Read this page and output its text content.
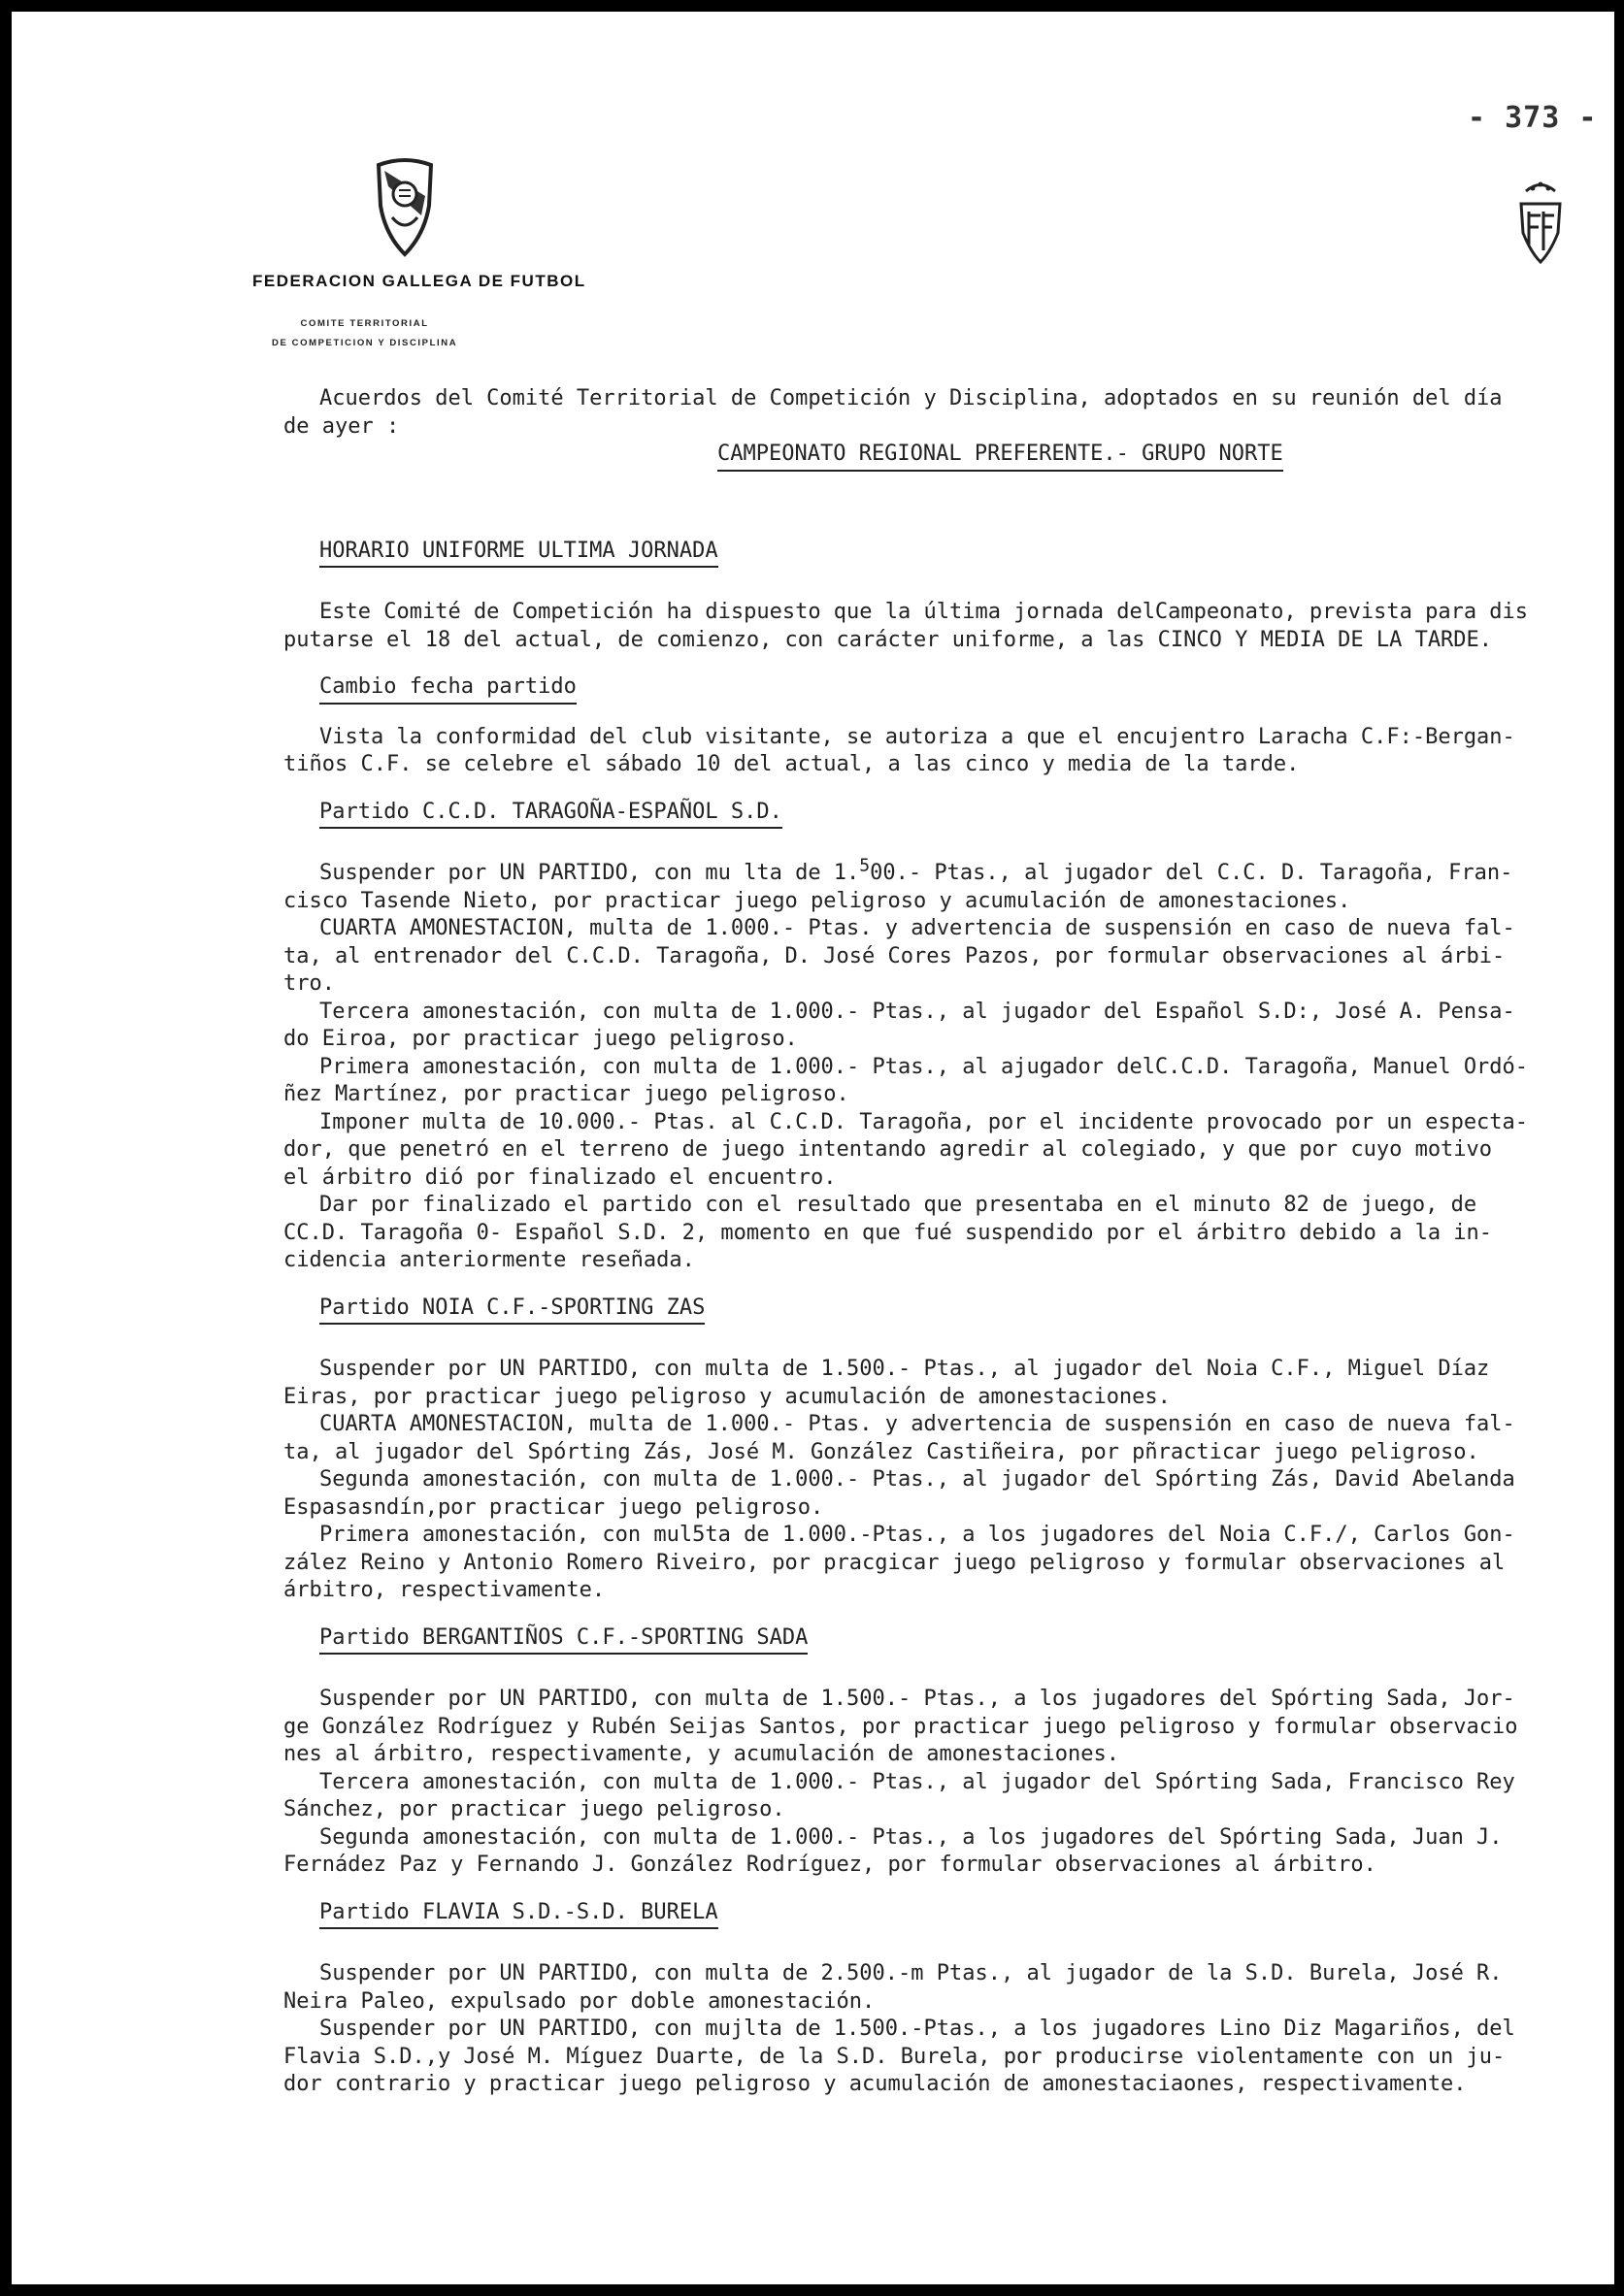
- 373 -
FEDERACION GALLEGA DE FUTBOL
COMITE TERRITORIAL
DE COMPETICION Y DISCIPLINA

Acuerdos del Comité Territorial de Competición y Disciplina, adoptados en su reunión del día

de ayer :

CAMPEONATO REGIONAL PREFERENTE.- GRUPO NORTE
HORARIO UNIFORME ULTIMA JORNADA

Este Comité de Competición ha dispuesto que la última jornada delCampeonato, prevista para dis

putarse el 18 del actual, de comienzo, con carácter uniforme, a las CINCO Y MEDIA DE LA TARDE.

Cambio fecha partido

Vista la conformidad del club visitante, se autoriza a que el encujentro Laracha C.F:-Bergan-

tiños C.F. se celebre el sábado 10 del actual, a las cinco y media de la tarde.

Partido C.C.D. TARAGOÑA-ESPAÑOL S.D.

Suspender por UN PARTIDO, con mu lta de 1.$^5$00.- Ptas., al jugador del C.C. D. Taragoña, Fran-

cisco Tasende Nieto, por practicar juego peligroso y acumulación de amonestaciones.

CUARTA AMONESTACION, multa de 1.000.- Ptas. y advertencia de suspensión en caso de nueva fal-

ta, al entrenador del C.C.D. Taragoña, D. José Cores Pazos, por formular observaciones al árbi-

tro.

Tercera amonestación, con multa de 1.000.- Ptas., al jugador del Español S.D:, José A. Pensa-

do Eiroa, por practicar juego peligroso.

Primera amonestación, con multa de 1.000.- Ptas., al ajugador delC.C.D. Taragoña, Manuel Ordó-

ñez Martínez, por practicar juego peligroso.

Imponer multa de 10.000.- Ptas. al C.C.D. Taragoña, por el incidente provocado por un especta-

dor, que penetró en el terreno de juego intentando agredir al colegiado, y que por cuyo motivo

el árbitro dió por finalizado el encuentro.

Dar por finalizado el partido con el resultado que presentaba en el minuto 82 de juego, de

CC.D. Taragoña 0- Español S.D. 2, momento en que fué suspendido por el árbitro debido a la in-

cidencia anteriormente reseñada.

Partido NOIA C.F.-SPORTING ZAS

Suspender por UN PARTIDO, con multa de 1.500.- Ptas., al jugador del Noia C.F., Miguel Díaz

Eiras, por practicar juego peligroso y acumulación de amonestaciones.

CUARTA AMONESTACION, multa de 1.000.- Ptas. y advertencia de suspensión en caso de nueva fal-

ta, al jugador del Spórting Zás, José M. González Castiñeira, por pñracticar juego peligroso.

Segunda amonestación, con multa de 1.000.- Ptas., al jugador del Spórting Zás, David Abelanda

Espasasndín,por practicar juego peligroso.

Primera amonestación, con mul5ta de 1.000.-Ptas., a los jugadores del Noia C.F./, Carlos Gon-

zález Reino y Antonio Romero Riveiro, por pracgicar juego peligroso y formular observaciones al

árbitro, respectivamente.

Partido BERGANTIÑOS C.F.-SPORTING SADA

Suspender por UN PARTIDO, con multa de 1.500.- Ptas., a los jugadores del Spórting Sada, Jor-

ge González Rodríguez y Rubén Seijas Santos, por practicar juego peligroso y formular observacio

nes al árbitro, respectivamente, y acumulación de amonestaciones.

Tercera amonestación, con multa de 1.000.- Ptas., al jugador del Spórting Sada, Francisco Rey

Sánchez, por practicar juego peligroso.

Segunda amonestación, con multa de 1.000.- Ptas., a los jugadores del Spórting Sada, Juan J.

Fernádez Paz y Fernando J. González Rodríguez, por formular observaciones al árbitro.

Partido FLAVIA S.D.-S.D. BURELA

Suspender por UN PARTIDO, con multa de 2.500.-m Ptas., al jugador de la S.D. Burela, José R.

Neira Paleo, expulsado por doble amonestación.

Suspender por UN PARTIDO, con mujlta de 1.500.-Ptas., a los jugadores Lino Diz Magariños, del

Flavia S.D.,y José M. Míguez Duarte, de la S.D. Burela, por producirse violentamente con un ju-

dor contrario y practicar juego peligroso y acumulación de amonestaciaones, respectivamente.
